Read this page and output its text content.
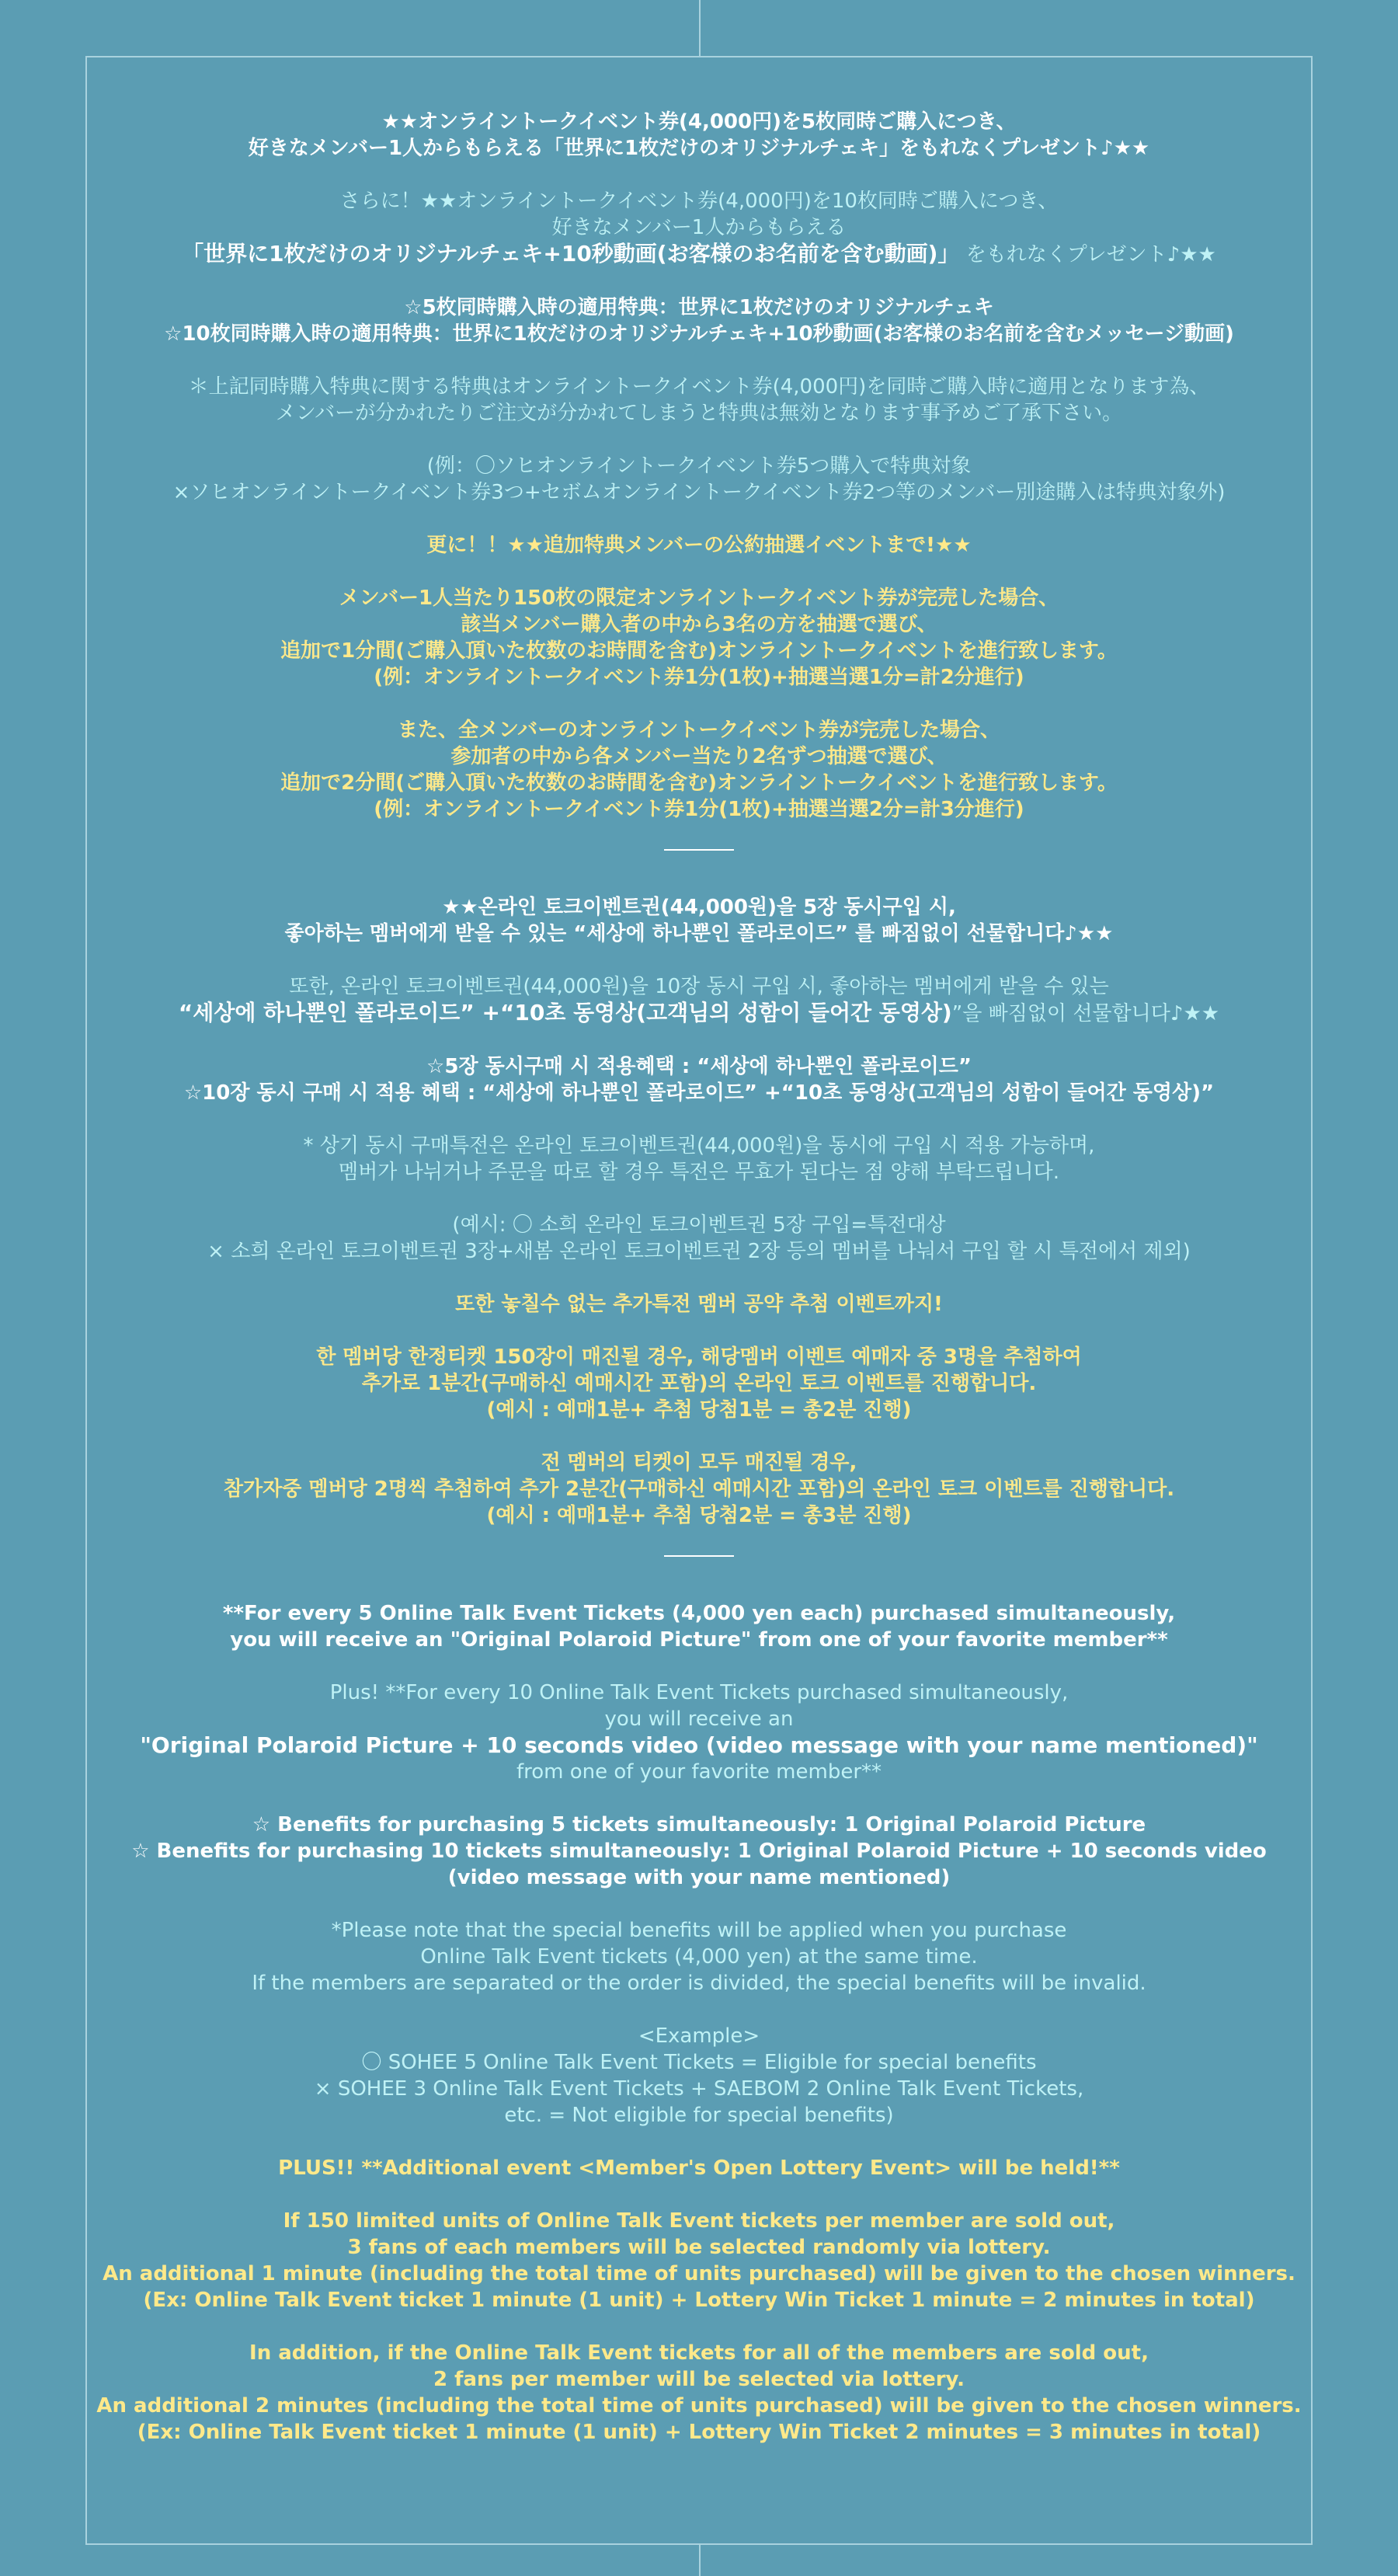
★★オンライントークイベント券(4,000円)を5枚同時ご購入につき、
好きなメンバー1人からもらえる「世界に1枚だけのオリジナルチェキ」をもれなくプレゼント♪★★
さらに！★★オンライントークイベント券(4,000円)を10枚同時ご購入につき、
好きなメンバー1人からもらえる
「世界に1枚だけのオリジナルチェキ+10秒動画(お客様のお名前を含む動画)」 をもれなくプレゼント♪★★
☆5枚同時購入時の適用特典：世界に1枚だけのオリジナルチェキ
☆10枚同時購入時の適用特典：世界に1枚だけのオリジナルチェキ+10秒動画(お客様のお名前を含むメッセージ動画)
＊上記同時購入特典に関する特典はオンライントークイベント券(4,000円)を同時ご購入時に適用となります為、
メンバーが分かれたりご注文が分かれてしまうと特典は無効となります事予めご了承下さい。
(例：〇ソヒオンライントークイベント券5つ購入で特典対象
×ソヒオンライントークイベント券3つ+セボムオンライントークイベント券2つ等のメンバー別途購入は特典対象外)
更に！！★★追加特典メンバーの公約抽選イベントまで!★★
メンバー1人当たり150枚の限定オンライントークイベント券が完売した場合、
該当メンバー購入者の中から3名の方を抽選で選び、
追加で1分間(ご購入頂いた枚数のお時間を含む)オンライントークイベントを進行致します。
(例：オンライントークイベント券1分(1枚)+抽選当選1分=計2分進行)
また、全メンバーのオンライントークイベント券が完売した場合、
参加者の中から各メンバー当たり2名ずつ抽選で選び、
追加で2分間(ご購入頂いた枚数のお時間を含む)オンライントークイベントを進行致します。
(例：オンライントークイベント券1分(1枚)+抽選当選2分=計3分進行)
★★온라인 토크이벤트권(44,000원)을 5장 동시구입 시,
좋아하는 멤버에게 받을 수 있는 “세상에 하나뿐인 폴라로이드” 를 빠짐없이 선물합니다♪★★
또한, 온라인 토크이벤트권(44,000원)을 10장 동시 구입 시, 좋아하는 멤버에게 받을 수 있는
“세상에 하나뿐인 폴라로이드” +“10초 동영상(고객님의 성함이 들어간 동영상)”을 빠짐없이 선물합니다♪★★
☆5장 동시구매 시 적용혜택 : “세상에 하나뿐인 폴라로이드”
☆10장 동시 구매 시 적용 혜택 : “세상에 하나뿐인 폴라로이드” +“10초 동영상(고객님의 성함이 들어간 동영상)”
* 상기 동시 구매특전은 온라인 토크이벤트권(44,000원)을 동시에 구입 시 적용 가능하며,
멤버가 나뉘거나 주문을 따로 할 경우 특전은 무효가 된다는 점 양해 부탁드립니다.
(예시: 〇 소희 온라인 토크이벤트권 5장 구입=특전대상
× 소희 온라인 토크이벤트권 3장+새봄 온라인 토크이벤트권 2장 등의 멤버를 나눠서 구입 할 시 특전에서 제외)
또한 놓칠수 없는 추가특전 멤버 공약 추첨 이벤트까지!
한 멤버당 한정티켓 150장이 매진될 경우, 해당멤버 이벤트 예매자 중 3명을 추첨하여
추가로 1분간(구매하신 예매시간 포함)의 온라인 토크 이벤트를 진행합니다.
(예시 : 예매1분+ 추첨 당첨1분 = 총2분 진행)
전 멤버의 티켓이 모두 매진될 경우,
참가자중 멤버당 2명씩 추첨하여 추가 2분간(구매하신 예매시간 포함)의 온라인 토크 이벤트를 진행합니다.
(예시 : 예매1분+ 추첨 당첨2분 = 총3분 진행)
**For every 5 Online Talk Event Tickets (4,000 yen each) purchased simultaneously,
you will receive an "Original Polaroid Picture" from one of your favorite member**
Plus! **For every 10 Online Talk Event Tickets purchased simultaneously,
you will receive an
"Original Polaroid Picture + 10 seconds video (video message with your name mentioned)"
from one of your favorite member**
☆ Benefits for purchasing 5 tickets simultaneously: 1 Original Polaroid Picture
☆ Benefits for purchasing 10 tickets simultaneously: 1 Original Polaroid Picture + 10 seconds video
(video message with your name mentioned)
*Please note that the special benefits will be applied when you purchase
Online Talk Event tickets (4,000 yen) at the same time.
If the members are separated or the order is divided, the special benefits will be invalid.
<Example>
〇 SOHEE 5 Online Talk Event Tickets = Eligible for special benefits
× SOHEE 3 Online Talk Event Tickets + SAEBOM 2 Online Talk Event Tickets,
etc. = Not eligible for special benefits)
PLUS!! **Additional event <Member's Open Lottery Event> will be held!**
If 150 limited units of Online Talk Event tickets per member are sold out,
3 fans of each members will be selected randomly via lottery.
An additional 1 minute (including the total time of units purchased) will be given to the chosen winners.
(Ex: Online Talk Event ticket 1 minute (1 unit) + Lottery Win Ticket 1 minute = 2 minutes in total)
In addition, if the Online Talk Event tickets for all of the members are sold out,
2 fans per member will be selected via lottery.
An additional 2 minutes (including the total time of units purchased) will be given to the chosen winners.
(Ex: Online Talk Event ticket 1 minute (1 unit) + Lottery Win Ticket 2 minutes = 3 minutes in total)
